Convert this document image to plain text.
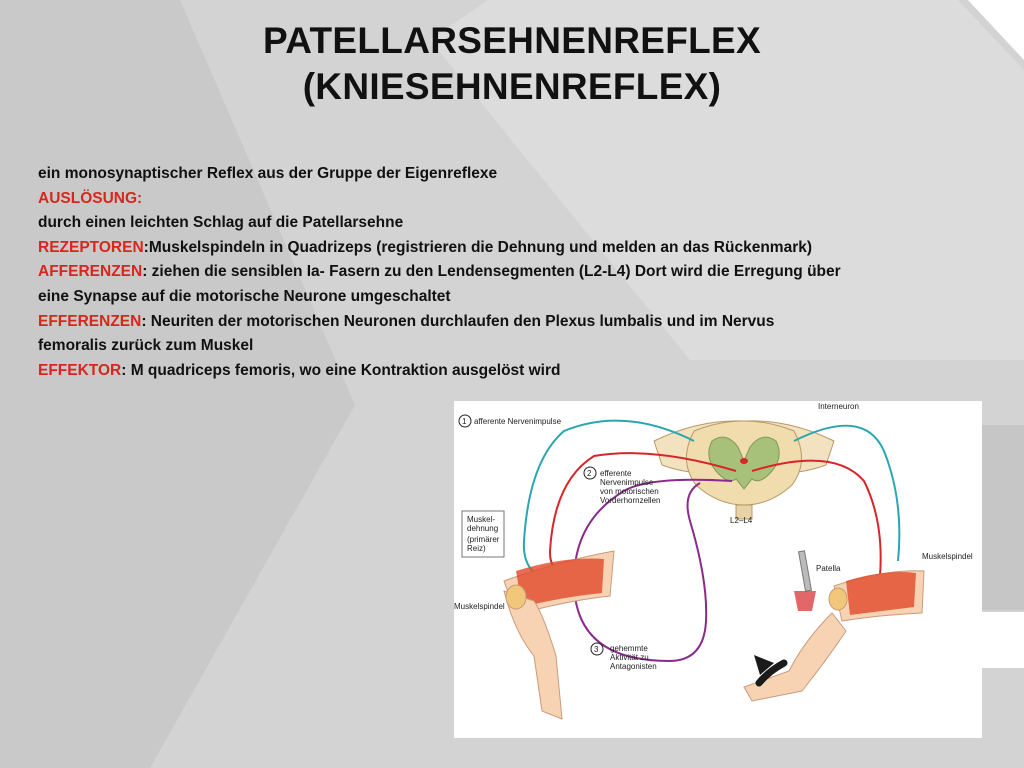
PATELLARSEHNENREFLEX
(KNIESEHNENREFLEX)
ein monosynaptischer Reflex aus der Gruppe der Eigenreflexe
AUSLÖSUNG:
durch einen leichten Schlag auf die Patellarsehne
REZEPTOREN:Muskelspindeln in Quadrizeps (registrieren die Dehnung und melden an das Rückenmark)
AFFERENZEN: ziehen die sensiblen Ia- Fasern zu den Lendensegmenten (L2-L4) Dort wird die Erregung über
eine Synapse auf die motorische Neurone umgeschaltet
EFFERENZEN: Neuriten der motorischen Neuronen durchlaufen den Plexus lumbalis und im Nervus
femoralis zurück zum Muskel
EFFEKTOR: M quadriceps femoris, wo eine Kontraktion ausgelöst wird
1 afferente Nervenimpulse
Interneuron
2 efferente
Nervenimpulse
von motorischen
Vorderhornzellen
L2–L4
Muskel-
dehnung
(primärer
Reiz)
Muskelspindel
Muskelspindel
Patella
3 gehemmte
Aktivität zu
Antagonisten
